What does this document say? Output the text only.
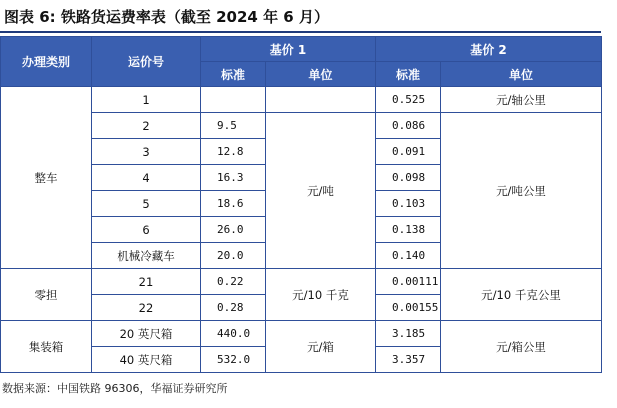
图表 6: 铁路货运费率表（截至 2024 年 6 月）
办理类别	运价号	基价 1		基价 2	
		标准	单位	标准	单位
整车	1			0.525	元/轴公里
	2	9.5	元/吨	0.086	元/吨公里
	3	12.8		0.091	
	4	16.3		0.098	
	5	18.6		0.103	
	6	26.0		0.138	
	机械冷藏车	20.0		0.140	
零担	21	0.22	元/10 千克	0.00111	元/10 千克公里
	22	0.28		0.00155	
集装箱	20 英尺箱	440.0	元/箱	3.185	元/箱公里
	40 英尺箱	532.0		3.357	
数据来源：中国铁路 96306，华福证券研究所
